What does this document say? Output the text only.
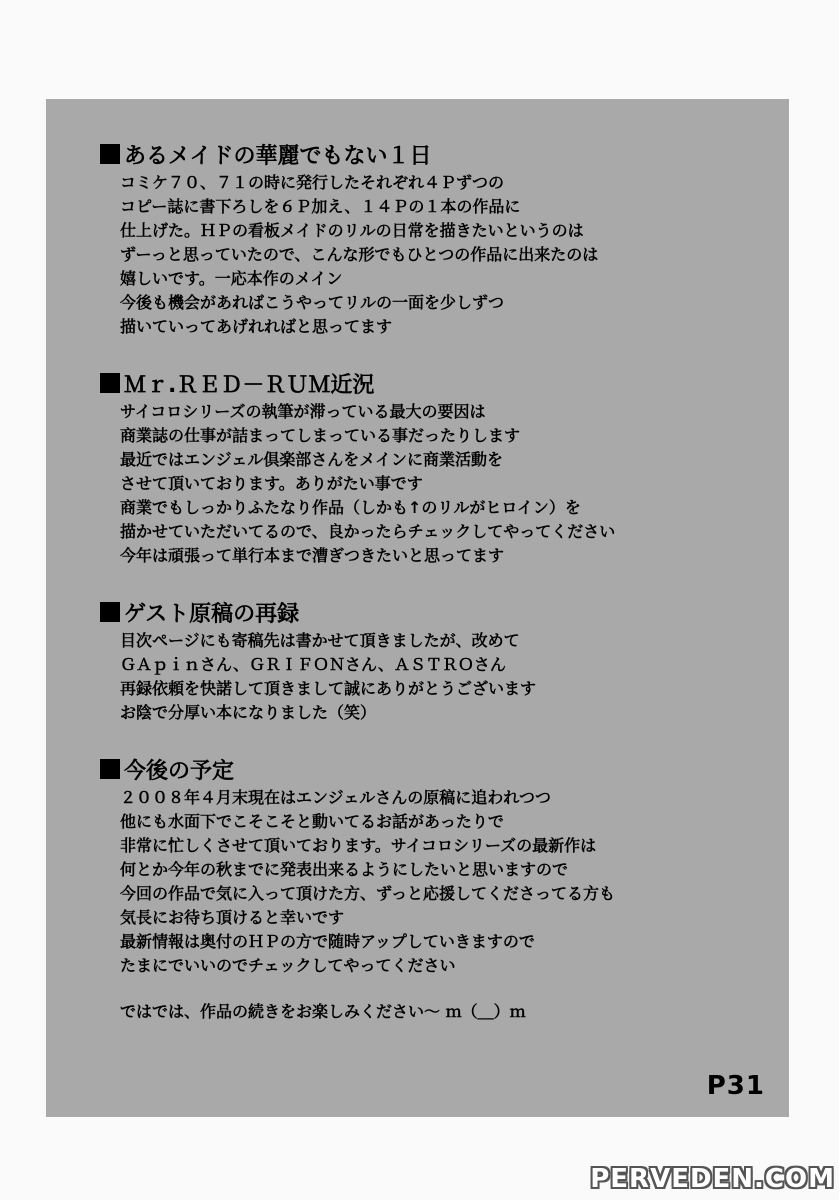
あるメイドの華麗でもない１日
コミケ７０、７１の時に発行したそれぞれ４Ｐずつの
コピー誌に書下ろしを６Ｐ加え、１４Ｐの１本の作品に
仕上げた。ＨＰの看板メイドのリルの日常を描きたいというのは
ずーっと思っていたので、こんな形でもひとつの作品に出来たのは
嬉しいです。一応本作のメイン
今後も機会があればこうやってリルの一面を少しずつ
描いていってあげれればと思ってます
Ｍｒ.ＲＥＤ－ＲＵＭ近況
サイコロシリーズの執筆が滞っている最大の要因は
商業誌の仕事が詰まってしまっている事だったりします
最近ではエンジェル倶楽部さんをメインに商業活動を
させて頂いております。ありがたい事です
商業でもしっかりふたなり作品（しかも↑のリルがヒロイン）を
描かせていただいてるので、良かったらチェックしてやってください
今年は頑張って単行本まで漕ぎつきたいと思ってます
ゲスト原稿の再録
目次ページにも寄稿先は書かせて頂きましたが、改めて
ＧＡｐｉｎさん、ＧＲＩＦＯＮさん、ＡＳＴＲＯさん
再録依頼を快諾して頂きまして誠にありがとうございます
お陰で分厚い本になりました（笑）
今後の予定
２００８年４月末現在はエンジェルさんの原稿に追われつつ
他にも水面下でこそこそと動いてるお話があったりで
非常に忙しくさせて頂いております。サイコロシリーズの最新作は
何とか今年の秋までに発表出来るようにしたいと思いますので
今回の作品で気に入って頂けた方、ずっと応援してくださってる方も
気長にお待ち頂けると幸いです
最新情報は奥付のＨＰの方で随時アップしていきますので
たまにでいいのでチェックしてやってください
ではでは、作品の続きをお楽しみください～ ｍ（＿）ｍ
P31
PERVEDEN.COM
